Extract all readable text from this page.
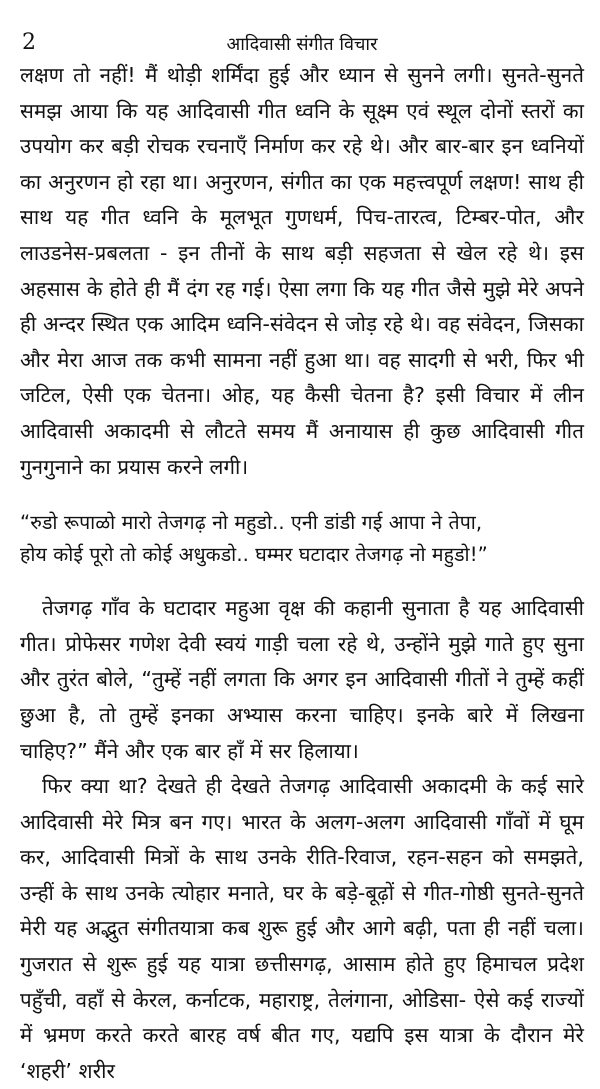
2	आदिवासी संगीत विचार

लक्षण तो नहीं! मैं थोड़ी शर्मिंदा हुई और ध्यान से सुनने लगी। सुनते-सुनते समझ आया कि यह आदिवासी गीत ध्वनि के सूक्ष्म एवं स्थूल दोनों स्तरों का उपयोग कर बड़ी रोचक रचनाएँ निर्माण कर रहे थे। और बार-बार इन ध्वनियों का अनुरणन हो रहा था। अनुरणन, संगीत का एक महत्त्वपूर्ण लक्षण! साथ ही साथ यह गीत ध्वनि के मूलभूत गुणधर्म, पिच-तारत्व, टिम्बर-पोत, और लाउडनेस-प्रबलता - इन तीनों के साथ बड़ी सहजता से खेल रहे थे। इस अहसास के होते ही मैं दंग रह गई। ऐसा लगा कि यह गीत जैसे मुझे मेरे अपने ही अन्दर स्थित एक आदिम ध्वनि-संवेदन से जोड़ रहे थे। वह संवेदन, जिसका और मेरा आज तक कभी सामना नहीं हुआ था। वह सादगी से भरी, फिर भी जटिल, ऐसी एक चेतना। ओह, यह कैसी चेतना है? इसी विचार में लीन आदिवासी अकादमी से लौटते समय मैं अनायास ही कुछ आदिवासी गीत गुनगुनाने का प्रयास करने लगी।

“रुडो रूपाळो मारो तेजगढ़ नो महुडो.. एनी डांडी गई आपा ने तेपा,

होय कोई पूरो तो कोई अधुकडो.. घम्मर घटादार तेजगढ़ नो महुडो!”

तेजगढ़ गाँव के घटादार महुआ वृक्ष की कहानी सुनाता है यह आदिवासी गीत। प्रोफेसर गणेश देवी स्वयं गाड़ी चला रहे थे, उन्होंने मुझे गाते हुए सुना और तुरंत बोले, “तुम्हें नहीं लगता कि अगर इन आदिवासी गीतों ने तुम्हें कहीं छुआ है, तो तुम्हें इनका अभ्यास करना चाहिए। इनके बारे में लिखना चाहिए?” मैंने और एक बार हाँ में सर हिलाया।

फिर क्या था? देखते ही देखते तेजगढ़ आदिवासी अकादमी के कई सारे आदिवासी मेरे मित्र बन गए। भारत के अलग-अलग आदिवासी गाँवों में घूम कर, आदिवासी मित्रों के साथ उनके रीति-रिवाज, रहन-सहन को समझते, उन्हीं के साथ उनके त्योहार मनाते, घर के बड़े-बूढ़ों से गीत-गोष्ठी सुनते-सुनते मेरी यह अद्भुत संगीतयात्रा कब शुरू हुई और आगे बढ़ी, पता ही नहीं चला। गुजरात से शुरू हुई यह यात्रा छत्तीसगढ़, आसाम होते हुए हिमाचल प्रदेश पहुँची, वहाँ से केरल, कर्नाटक, महाराष्ट्र, तेलंगाना, ओडिसा- ऐसे कई राज्यों में भ्रमण करते करते बारह वर्ष बीत गए, यद्यपि इस यात्रा के दौरान मेरे ‘शहरी’ शरीर
